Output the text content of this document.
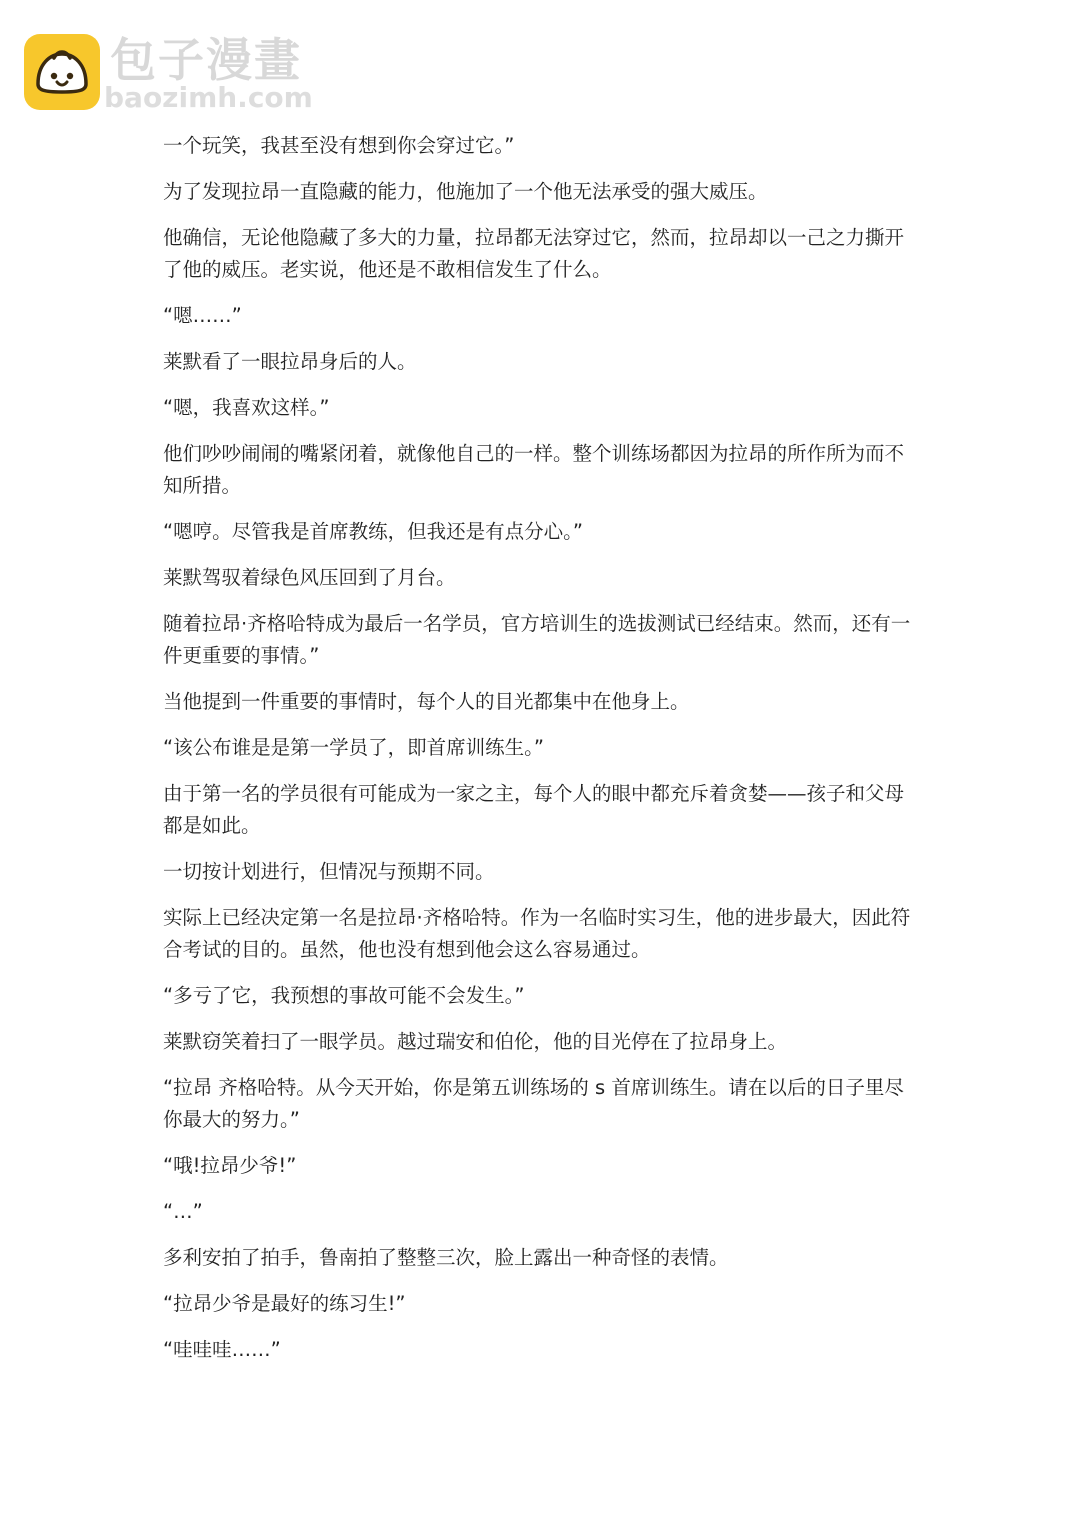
包子漫畫
baozimh.com

一个玩笑，我甚至没有想到你会穿过它。”

为了发现拉昂一直隐藏的能力，他施加了一个他无法承受的强大威压。

他确信，无论他隐藏了多大的力量，拉昂都无法穿过它，然而，拉昂却以一己之力撕开了他的威压。老实说，他还是不敢相信发生了什么。

“嗯……”

莱默看了一眼拉昂身后的人。

“嗯，我喜欢这样。”

他们吵吵闹闹的嘴紧闭着，就像他自己的一样。整个训练场都因为拉昂的所作所为而不知所措。

“嗯哼。尽管我是首席教练，但我还是有点分心。”

莱默驾驭着绿色风压回到了月台。

随着拉昂·齐格哈特成为最后一名学员，官方培训生的选拔测试已经结束。然而，还有一件更重要的事情。”

当他提到一件重要的事情时，每个人的目光都集中在他身上。

“该公布谁是是第一学员了，即首席训练生。”

由于第一名的学员很有可能成为一家之主，每个人的眼中都充斥着贪婪——孩子和父母都是如此。

一切按计划进行，但情况与预期不同。

实际上已经决定第一名是拉昂·齐格哈特。作为一名临时实习生，他的进步最大，因此符合考试的目的。虽然，他也没有想到他会这么容易通过。

“多亏了它，我预想的事故可能不会发生。”

莱默窃笑着扫了一眼学员。越过瑞安和伯伦，他的目光停在了拉昂身上。

“拉昂 齐格哈特。从今天开始，你是第五训练场的 s 首席训练生。请在以后的日子里尽你最大的努力。”

“哦!拉昂少爷!”

“…”

多利安拍了拍手，鲁南拍了整整三次，脸上露出一种奇怪的表情。

“拉昂少爷是最好的练习生!”

“哇哇哇……”
